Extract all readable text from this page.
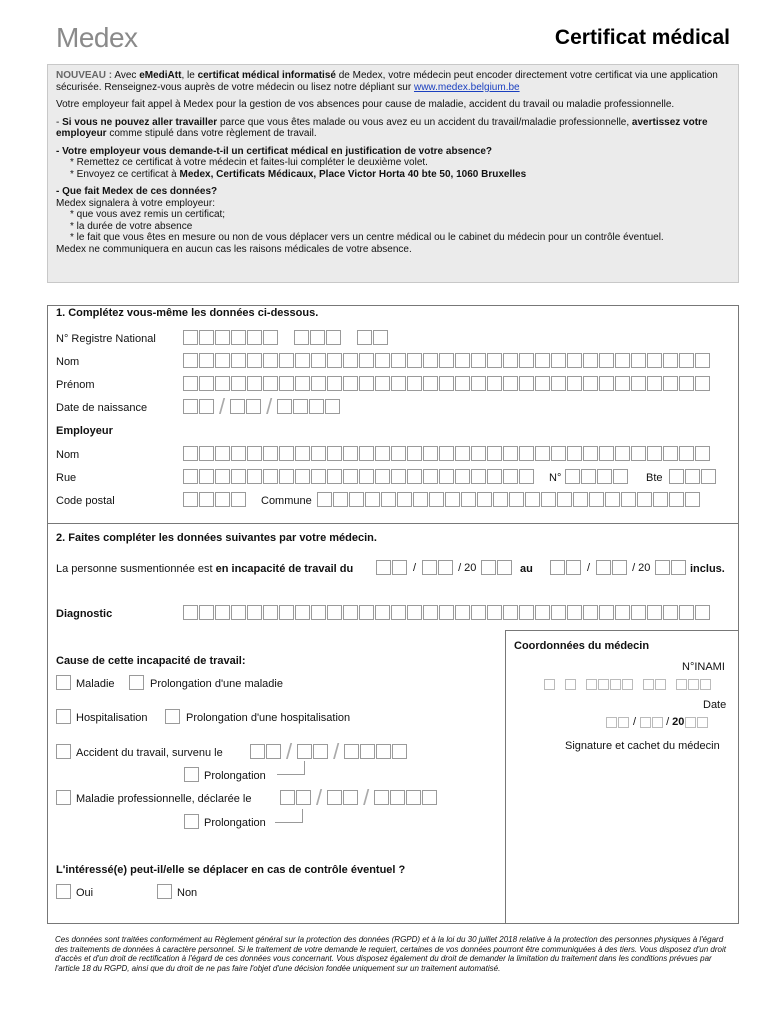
Medex	Certificat médical

NOUVEAU : Avec eMediAtt, le certificat médical informatisé de Medex, votre médecin peut encoder directement votre certificat via une application sécurisée. Renseignez-vous auprès de votre médecin ou lisez notre dépliant sur www.medex.belgium.be

Votre employeur fait appel à Medex pour la gestion de vos absences pour cause de maladie, accident du travail ou maladie professionnelle.

- Si vous ne pouvez aller travailler parce que vous êtes malade ou vous avez eu un accident du travail/maladie professionnelle, avertissez votre employeur comme stipulé dans votre règlement de travail.

- Votre employeur vous demande-t-il un certificat médical en justification de votre absence?
* Remettez ce certificat à votre médecin et faites-lui compléter le deuxième volet.
* Envoyez ce certificat à Medex, Certificats Médicaux, Place Victor Horta 40 bte 50, 1060 Bruxelles
- Que fait Medex de ces données?
Medex signalera à votre employeur:
* que vous avez remis un certificat;
* la durée de votre absence
* le fait que vous êtes en mesure ou non de vous déplacer vers un centre médical ou le cabinet du médecin pour un contrôle éventuel.
Medex ne communiquera en aucun cas les raisons médicales de votre absence.
1. Complétez vous-même les données ci-dessous.
N° Registre National
Nom
Prénom
Date de naissance	/ /
Employeur
Nom
Rue	N°	Bte
Code postal	Commune
2. Faites compléter les données suivantes par votre médecin.
La personne susmentionnée est en incapacité de travail du	/	/ 20	au	/	/ 20	inclus.
Diagnostic
Cause de cette incapacité de travail:
Maladie	Prolongation d'une maladie
Hospitalisation	Prolongation d'une hospitalisation
Accident du travail, survenu le	/ /
Prolongation
Maladie professionnelle, déclarée le	/ /
Prolongation
L'intéressé(e) peut-il/elle se déplacer en cas de contrôle éventuel ?
Oui	Non
Coordonnées du médecin
N°INAMI
Date
/	/ 20
Signature et cachet du médecin
Ces données sont traitées conformément au Règlement général sur la protection des données (RGPD) et à la loi du 30 juillet 2018 relative à la protection des personnes physiques à l'égard des traitements de données à caractère personnel. Si le traitement de votre demande le requiert, certaines de vos données pourront être communiquées à des tiers. Vous disposez d'un droit d'accès et d'un droit de rectification à l'égard de ces données vous concernant. Vous disposez également du droit de demander la limitation du traitement dans les conditions prévues par l'article 18 du RGPD, ainsi que du droit de ne pas faire l'objet d'une décision fondée uniquement sur un traitement automatisé.
